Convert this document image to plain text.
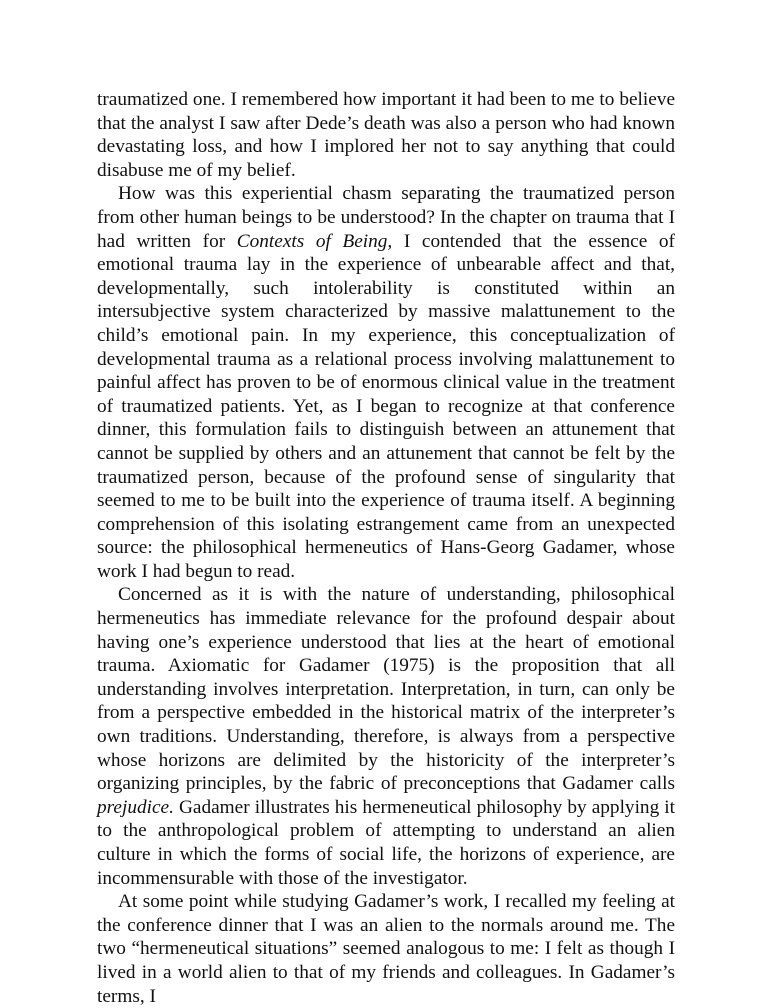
traumatized one. I remembered how important it had been to me to believe that the analyst I saw after Dede’s death was also a person who had known devastating loss, and how I implored her not to say anything that could disabuse me of my belief.

How was this experiential chasm separating the traumatized person from other human beings to be understood? In the chapter on trauma that I had written for Contexts of Being, I contended that the essence of emotional trauma lay in the experience of unbearable affect and that, developmentally, such intolerability is constituted within an intersubjective system characterized by massive malattunement to the child’s emotional pain. In my experience, this conceptualization of developmental trauma as a relational process involving malattunement to painful affect has proven to be of enormous clinical value in the treatment of traumatized patients. Yet, as I began to recognize at that conference dinner, this formulation fails to distinguish between an attunement that cannot be supplied by others and an attunement that cannot be felt by the traumatized person, because of the profound sense of singularity that seemed to me to be built into the experience of trauma itself. A beginning comprehension of this isolating estrangement came from an unexpected source: the philosophical hermeneutics of Hans-Georg Gadamer, whose work I had begun to read.

Concerned as it is with the nature of understanding, philosophical hermeneutics has immediate relevance for the profound despair about having one’s experience understood that lies at the heart of emotional trauma. Axiomatic for Gadamer (1975) is the proposition that all understanding involves interpretation. Interpretation, in turn, can only be from a perspective embedded in the historical matrix of the interpreter’s own traditions. Understanding, therefore, is always from a perspective whose horizons are delimited by the historicity of the interpreter’s organizing principles, by the fabric of preconceptions that Gadamer calls prejudice. Gadamer illustrates his hermeneutical philosophy by applying it to the anthropological problem of attempting to understand an alien culture in which the forms of social life, the horizons of experience, are incommensurable with those of the investigator.

At some point while studying Gadamer’s work, I recalled my feeling at the conference dinner that I was an alien to the normals around me. The two “hermeneutical situations” seemed analogous to me: I felt as though I lived in a world alien to that of my friends and colleagues. In Gadamer’s terms, I
